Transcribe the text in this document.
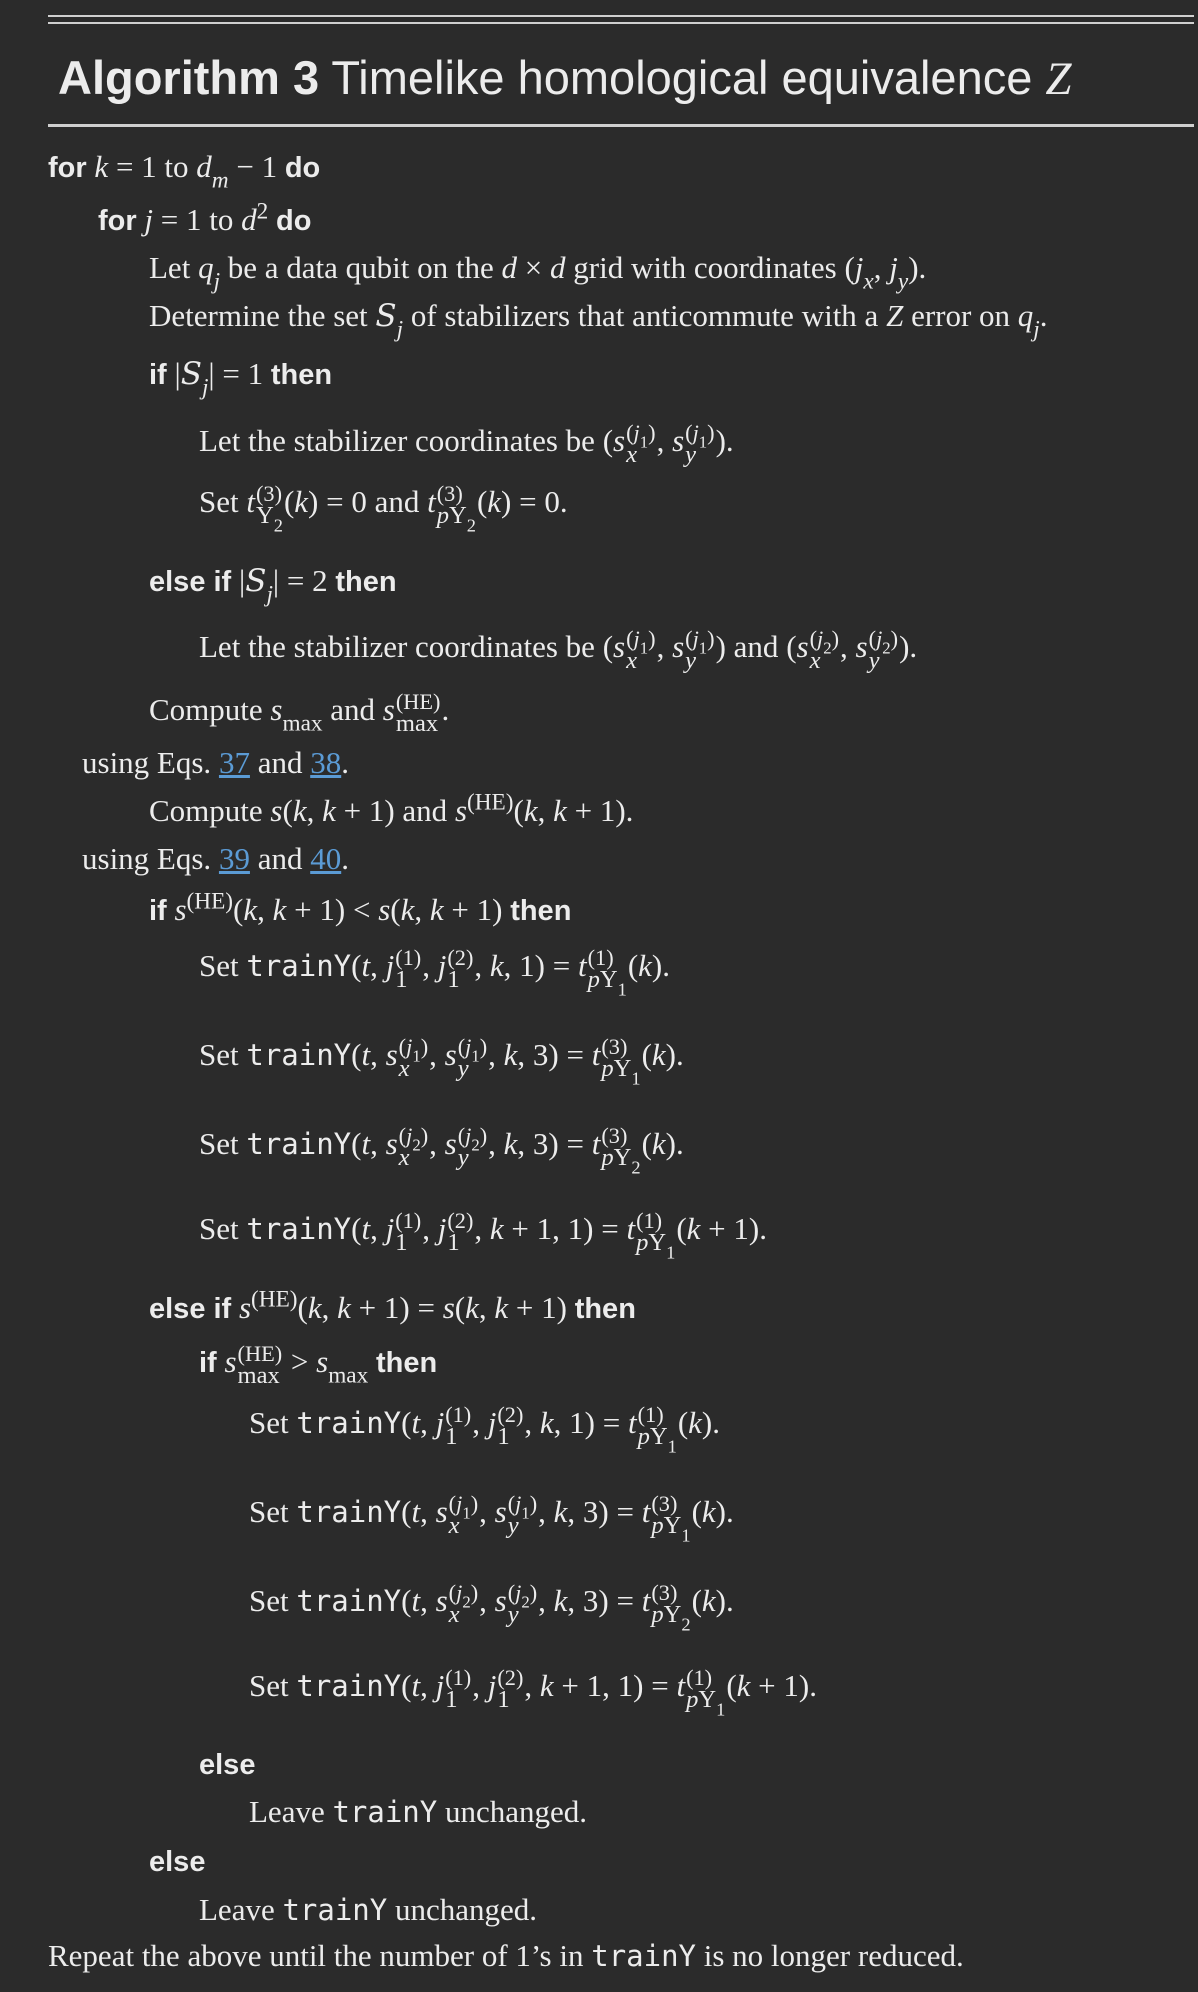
Algorithm 3 Timelike homological equivalence Z
for k = 1 to $d_m - 1$ do
for j = 1 to $d^2$ do
Let $q_j$ be a data qubit on the d × d grid with coordinates ($j_x$, $j_y$).
Determine the set $S_j$ of stabilizers that anticommute with a Z error on $q_j$.
if $|S_j| = 1$ then
Let the stabilizer coordinates be (s $(j_1)$
x , s $(j_1)$
y ).
Set t (3)
$Y_2$
(k) = 0 and t (3)
$pY_2$
(k) = 0.
else if $|S_j| = 2$ then
Let the stabilizer coordinates be (s $(j_1)$
x , s $(j_1)$
y ) and (s $(j_2)$
x , s $(j_2)$
y ).
Compute $s_{max}$ and s (HE)
max .
using Eqs. 37 and 38.
Compute s(k, k + 1) and $s^{(HE)}(k$, k + 1).
using Eqs. 39 and 40.
if $s^{(HE)}(k$, k + 1) < s(k, k + 1) then
Set trainY(t, j (1)
1 , j (2)
1 , k, 1) = t (1)
$pY_1$
(k).
Set trainY(t, s $(j_1)$
x , s $(j_1)$
y , k, 3) = t (3)
$pY_1$
(k).
Set trainY(t, s $(j_2)$
x , s $(j_2)$
y , k, 3) = t (3)
$pY_2$
(k).
Set trainY(t, j (1)
1 , j (2)
1 , k + 1, 1) = t (1)
$pY_1$
(k + 1).
else if $s^{(HE)}(k$, k + 1) = s(k, k + 1) then
if s (HE)
$\max > s_{max}$ then
Set trainY(t, j (1)
1 , j (2)
1 , k, 1) = t (1)
$pY_1$
(k).
Set trainY(t, s $(j_1)$
x , s $(j_1)$
y , k, 3) = t (3)
$pY_1$
(k).
Set trainY(t, s $(j_2)$
x , s $(j_2)$
y , k, 3) = t (3)
$pY_2$
(k).
Set trainY(t, j (1)
1 , j (2)
1 , k + 1, 1) = t (1)
$pY_1$
(k + 1).
else
Leave trainY unchanged.
else
Leave trainY unchanged.
Repeat the above until the number of 1’s in trainY is no longer reduced.
